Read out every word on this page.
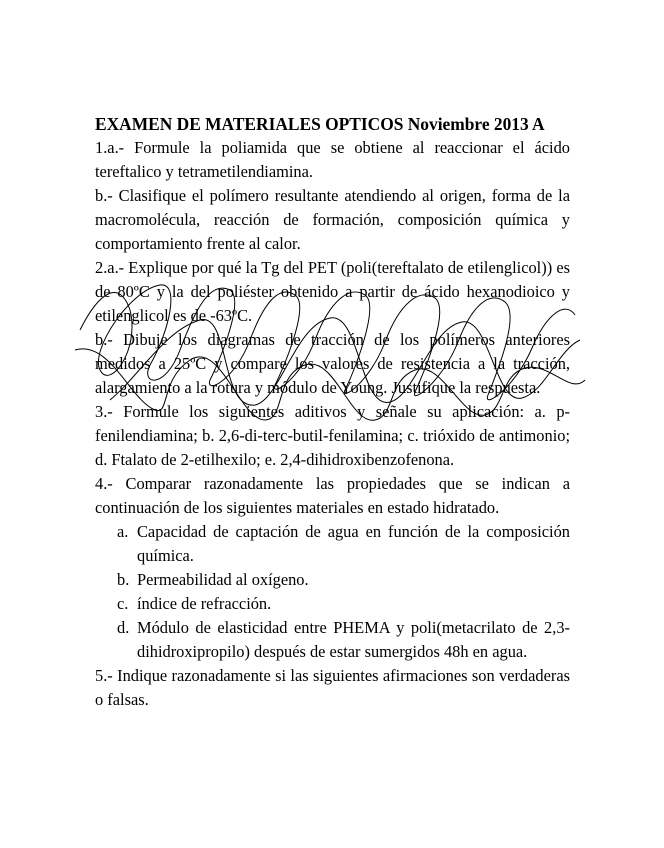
EXAMEN DE MATERIALES OPTICOS Noviembre 2013 A

1.a.- Formule la poliamida que se obtiene al reaccionar el ácido tereftalico y tetrametilendiamina.

b.- Clasifique el polímero resultante atendiendo al origen, forma de la macromolécula, reacción de formación, composición química y comportamiento frente al calor.

2.a.- Explique por qué la Tg del PET (poli(tereftalato de etilenglicol)) es de 80ºC y la del poliéster obtenido a partir de ácido hexanodioico y etilenglicol es de -63ºC.

b.- Dibuje los diagramas de tracción de los polímeros anteriores medidos a 25ºC y compare los valores de resistencia a la tracción, alargamiento a la rotura y módulo de Young. Justifique la respuesta.

3.- Formule los siguientes aditivos y señale su aplicación: a. p-fenilendiamina; b. 2,6-di-terc-butil-fenilamina; c. trióxido de antimonio; d. Ftalato de 2-etilhexilo; e. 2,4-dihidroxibenzofenona.

4.- Comparar razonadamente las propiedades que se indican a continuación de los siguientes materiales en estado hidratado.

a. Capacidad de captación de agua en función de la composición química.
b. Permeabilidad al oxígeno.
c. índice de refracción.
d. Módulo de elasticidad entre PHEMA y poli(metacrilato de 2,3-dihidroxipropilo) después de estar sumergidos 48h en agua.

5.- Indique razonadamente si las siguientes afirmaciones son verdaderas o falsas.
